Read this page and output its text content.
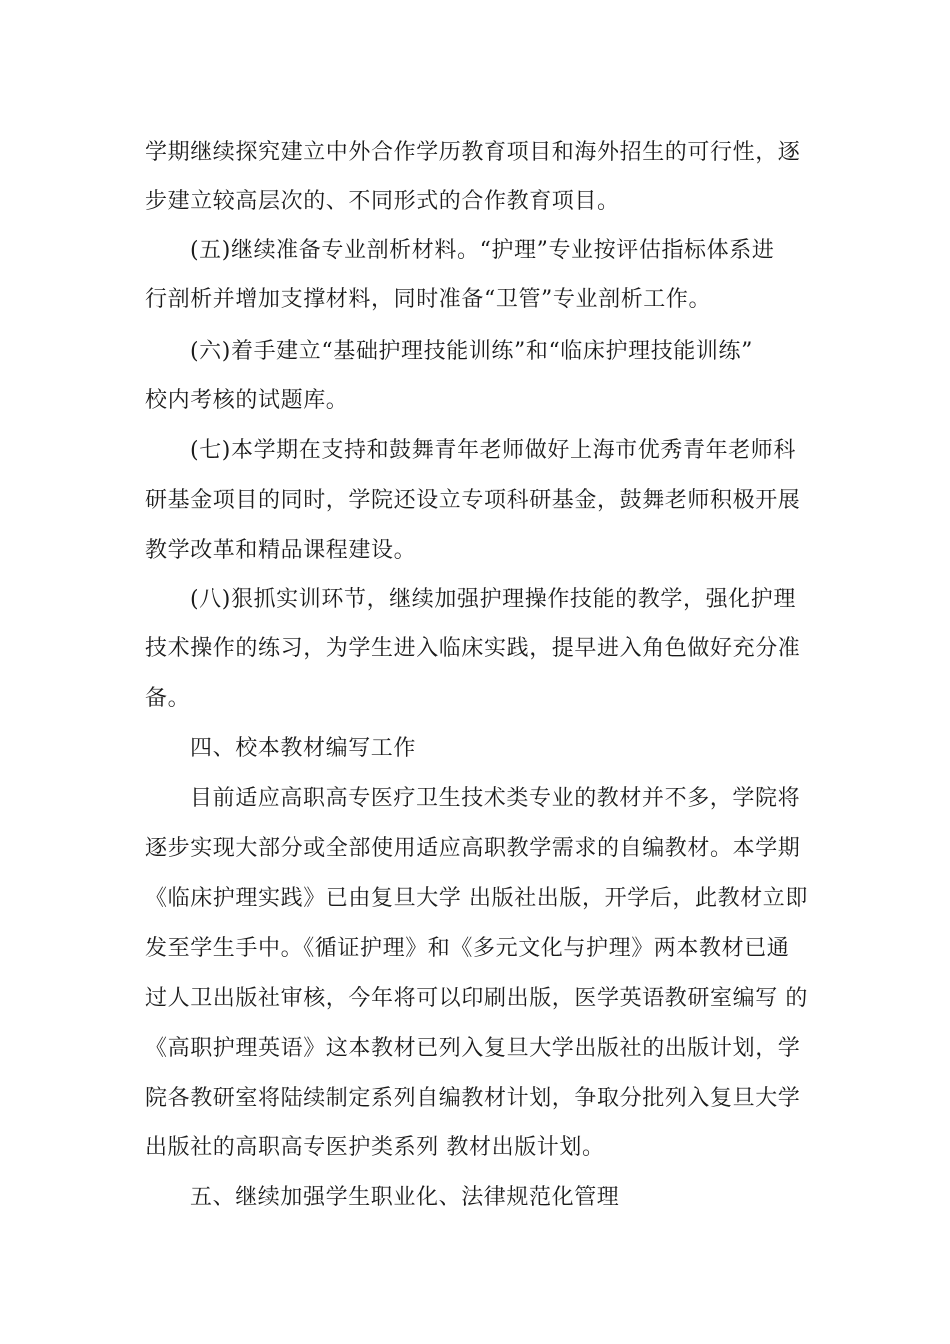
学期继续探究建立中外合作学历教育项目和海外招生的可行性，逐
步建立较高层次的、不同形式的合作教育项目。
(五)继续准备专业剖析材料。“护理”专业按评估指标体系进
行剖析并增加支撑材料，同时准备“卫管”专业剖析工作。
(六)着手建立“基础护理技能训练”和“临床护理技能训练”
校内考核的试题库。
(七)本学期在支持和鼓舞青年老师做好上海市优秀青年老师科
研基金项目的同时，学院还设立专项科研基金，鼓舞老师积极开展
教学改革和精品课程建设。
(八)狠抓实训环节，继续加强护理操作技能的教学，强化护理
技术操作的练习，为学生进入临床实践，提早进入角色做好充分准
备。
四、校本教材编写工作
目前适应高职高专医疗卫生技术类专业的教材并不多，学院将
逐步实现大部分或全部使用适应高职教学需求的自编教材。本学期
《临床护理实践》已由复旦大学 出版社出版，开学后，此教材立即
发至学生手中。《循证护理》和《多元文化与护理》两本教材已通
过人卫出版社审核，今年将可以印刷出版，医学英语教研室编写 的
《高职护理英语》这本教材已列入复旦大学出版社的出版计划，学
院各教研室将陆续制定系列自编教材计划，争取分批列入复旦大学
出版社的高职高专医护类系列 教材出版计划。
五、继续加强学生职业化、法律规范化管理
